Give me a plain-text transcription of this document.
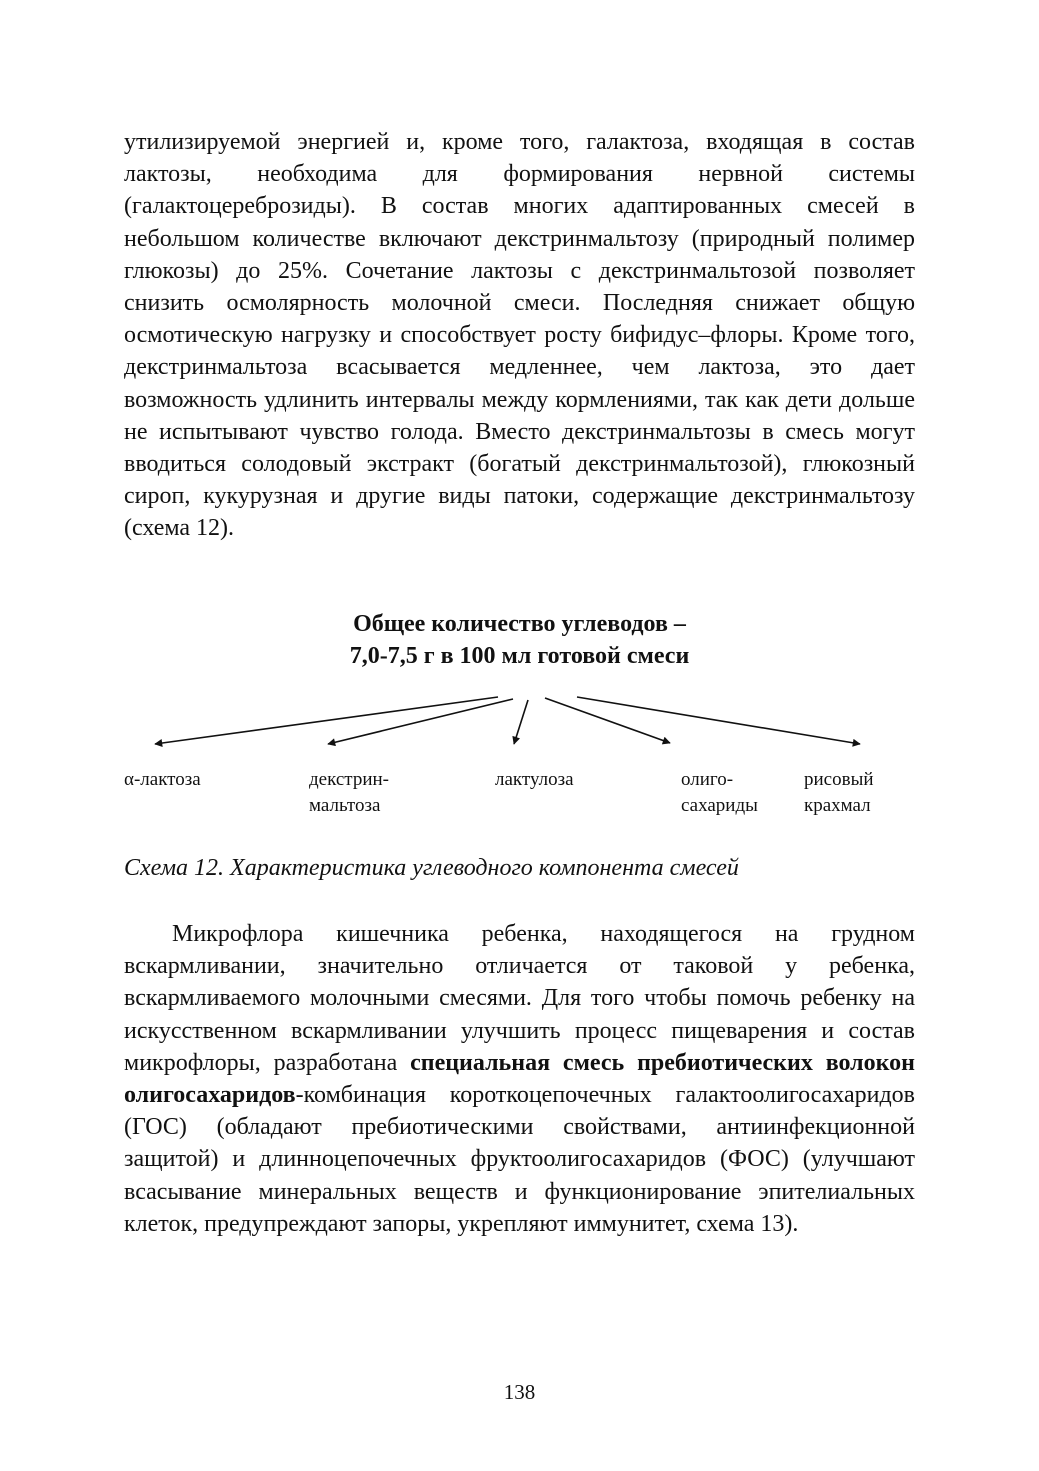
утилизируемой энергией и, кроме того, галактоза, входящая в состав лактозы, необходима для формирования нервной системы (галактоцереброзиды). В состав многих адаптированных смесей в небольшом количестве включают декстринмальтозу (природный полимер глюкозы) до 25%. Сочетание лактозы с декстринмальтозой позволяет снизить осмолярность молочной смеси. Последняя снижает общую осмотическую нагрузку и способствует росту бифидус–флоры. Кроме того, декстринмальтоза всасывается медленнее, чем лактоза, это дает возможность удлинить интервалы между кормлениями, так как дети дольше не испытывают чувство голода. Вместо декстринмальтозы в смесь могут вводиться солодовый экстракт (богатый декстринмальтозой), глюкозный сироп, кукурузная и другие виды патоки, содержащие декстринмальтозу (схема 12).

Общее количество углеводов –
7,0-7,5 г в 100 мл готовой смеси
α-лактоза	декстрин-
мальтоза
лактулоза	олиго-
сахариды
рисовый
крахмал
Схема 12. Характеристика углеводного компонента смесей

Микрофлора кишечника ребенка, находящегося на грудном вскармливании, значительно отличается от таковой у ребенка, вскармливаемого молочными смесями. Для того чтобы помочь ребенку на искусственном вскармливании улучшить процесс пищеварения и состав микрофлоры, разработана специальная смесь пребиотических волокон олигосахаридов-комбинация короткоцепочечных галактоолигосахаридов (ГОС) (обладают пребиотическими свойствами, антиинфекционной защитой) и длинноцепочечных фруктоолигосахаридов (ФОС) (улучшают всасывание минеральных веществ и функционирование эпителиальных клеток, предупреждают запоры, укрепляют иммунитет, схема 13).

138
